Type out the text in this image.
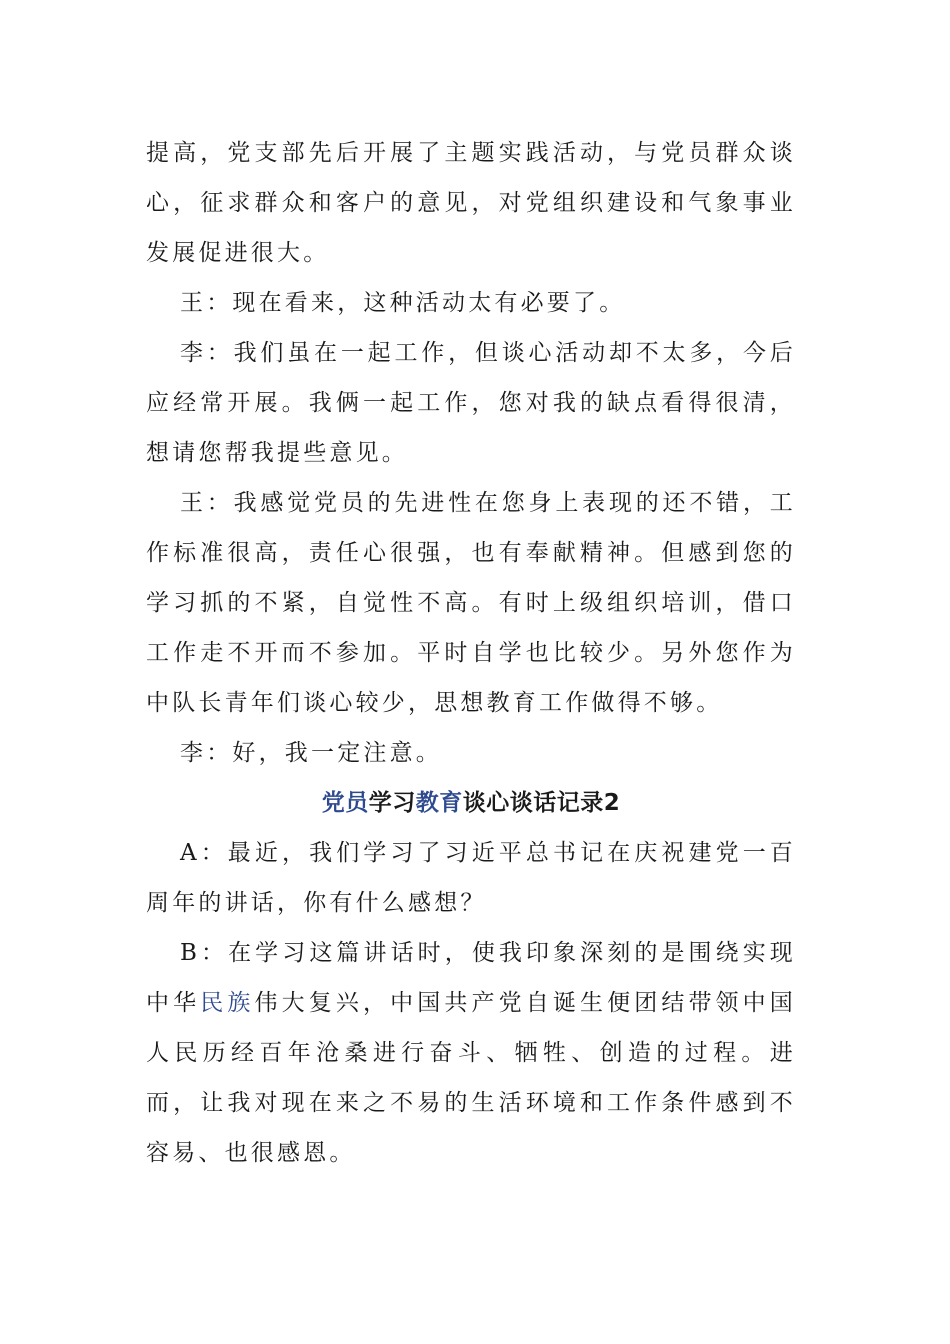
提高，党支部先后开展了主题实践活动，与党员群众谈心，征求群众和客户的意见，对党组织建设和气象事业发展促进很大。

王：现在看来，这种活动太有必要了。

李：我们虽在一起工作，但谈心活动却不太多，今后应经常开展。我俩一起工作，您对我的缺点看得很清，想请您帮我提些意见。

王：我感觉党员的先进性在您身上表现的还不错，工作标准很高，责任心很强，也有奉献精神。但感到您的学习抓的不紧，自觉性不高。有时上级组织培训，借口工作走不开而不参加。平时自学也比较少。另外您作为中队长青年们谈心较少，思想教育工作做得不够。

李：好，我一定注意。

党员学习教育谈心谈话记录2

A：最近，我们学习了习近平总书记在庆祝建党一百周年的讲话，你有什么感想？

B：在学习这篇讲话时，使我印象深刻的是围绕实现中华民族伟大复兴，中国共产党自诞生便团结带领中国人民历经百年沧桑进行奋斗、牺牲、创造的过程。进而，让我对现在来之不易的生活环境和工作条件感到不容易、也很感恩。
